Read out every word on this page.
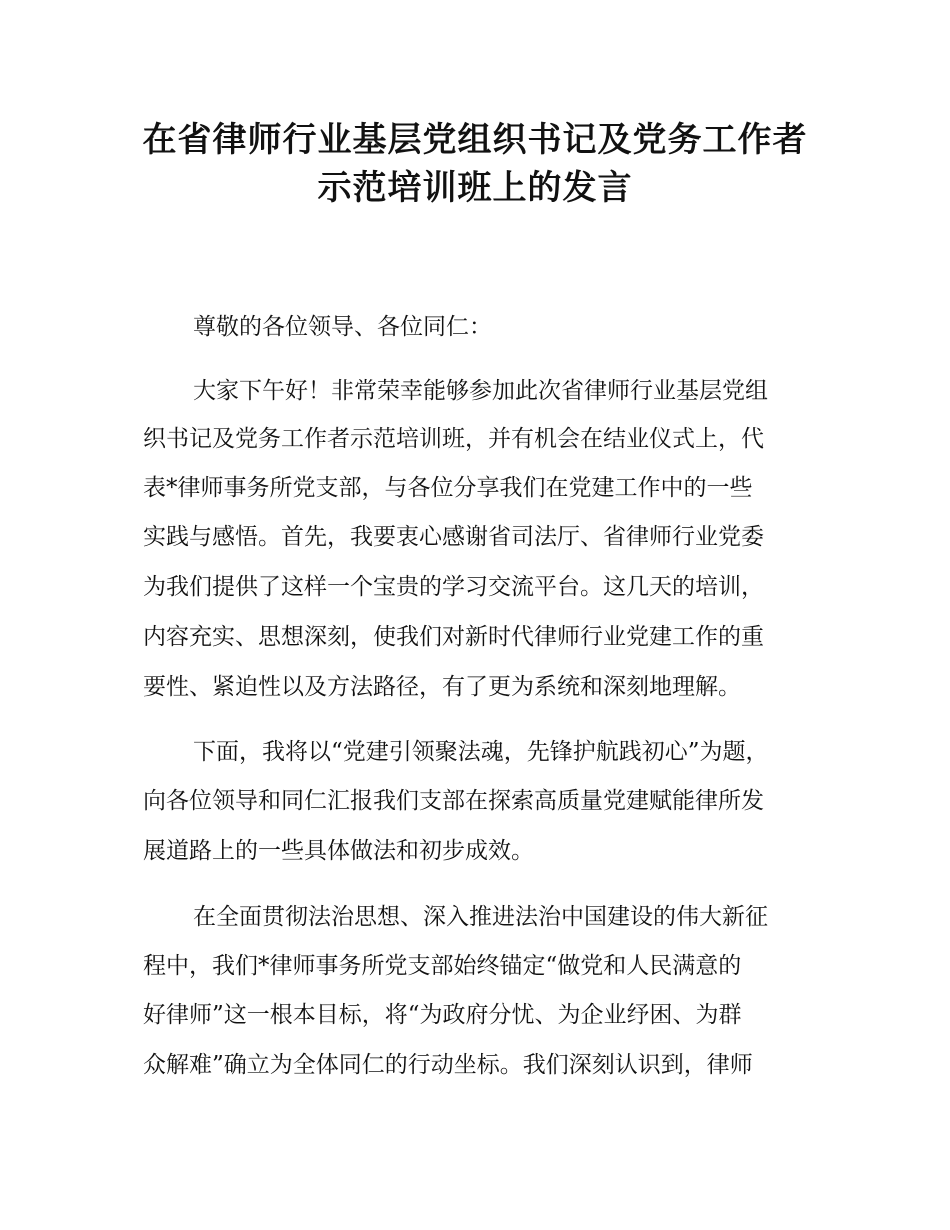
在省律师行业基层党组织书记及党务工作者
示范培训班上的发言
尊敬的各位领导、各位同仁：
大家下午好！非常荣幸能够参加此次省律师行业基层党组
织书记及党务工作者示范培训班，并有机会在结业仪式上，代
表*律师事务所党支部，与各位分享我们在党建工作中的一些
实践与感悟。首先，我要衷心感谢省司法厅、省律师行业党委
为我们提供了这样一个宝贵的学习交流平台。这几天的培训，
内容充实、思想深刻，使我们对新时代律师行业党建工作的重
要性、紧迫性以及方法路径，有了更为系统和深刻地理解。
下面，我将以“党建引领聚法魂，先锋护航践初心”为题，
向各位领导和同仁汇报我们支部在探索高质量党建赋能律所发
展道路上的一些具体做法和初步成效。
在全面贯彻法治思想、深入推进法治中国建设的伟大新征
程中，我们*律师事务所党支部始终锚定“做党和人民满意的
好律师”这一根本目标，将“为政府分忧、为企业纾困、为群
众解难”确立为全体同仁的行动坐标。我们深刻认识到，律师
